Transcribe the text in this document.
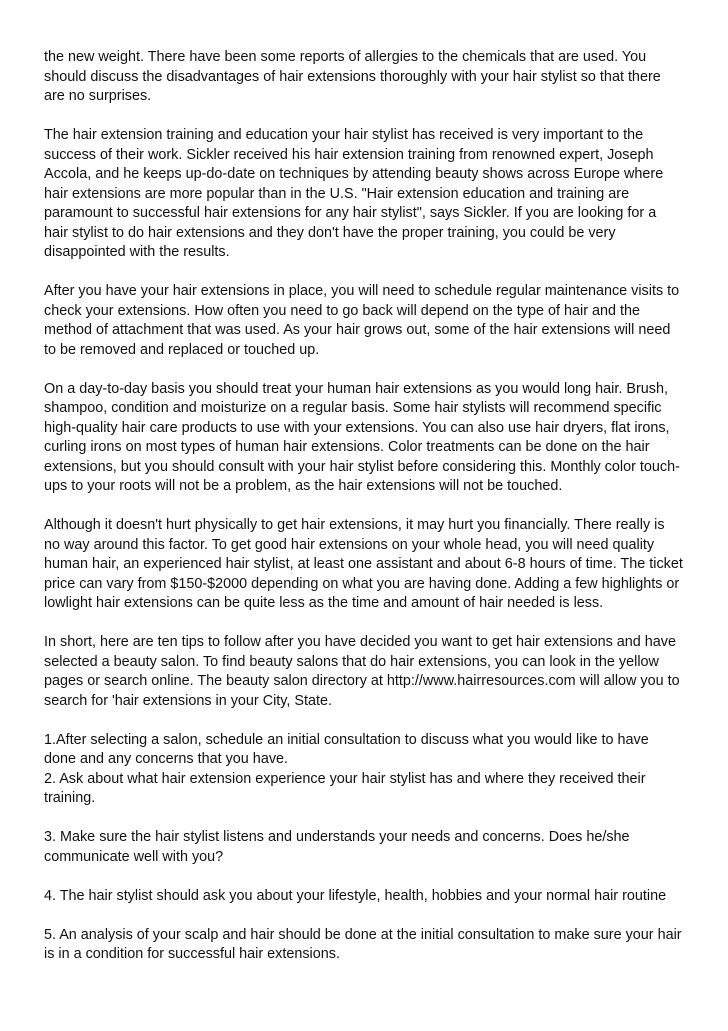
the new weight. There have been some reports of allergies to the chemicals that are used. You should discuss the disadvantages of hair extensions thoroughly with your hair stylist so that there are no surprises.

The hair extension training and education your hair stylist has received is very important to the success of their work. Sickler received his hair extension training from renowned expert, Joseph Accola, and he keeps up-do-date on techniques by attending beauty shows across Europe where hair extensions are more popular than in the U.S. "Hair extension education and training are paramount to successful hair extensions for any hair stylist", says Sickler. If you are looking for a hair stylist to do hair extensions and they don't have the proper training, you could be very disappointed with the results.

After you have your hair extensions in place, you will need to schedule regular maintenance visits to check your extensions. How often you need to go back will depend on the type of hair and the method of attachment that was used. As your hair grows out, some of the hair extensions will need to be removed and replaced or touched up.

On a day-to-day basis you should treat your human hair extensions as you would long hair. Brush, shampoo, condition and moisturize on a regular basis. Some hair stylists will recommend specific high-quality hair care products to use with your extensions. You can also use hair dryers, flat irons, curling irons on most types of human hair extensions. Color treatments can be done on the hair extensions, but you should consult with your hair stylist before considering this. Monthly color touch-ups to your roots will not be a problem, as the hair extensions will not be touched.

Although it doesn't hurt physically to get hair extensions, it may hurt you financially. There really is no way around this factor. To get good hair extensions on your whole head, you will need quality human hair, an experienced hair stylist, at least one assistant and about 6-8 hours of time. The ticket price can vary from $150-$2000 depending on what you are having done. Adding a few highlights or lowlight hair extensions can be quite less as the time and amount of hair needed is less.

In short, here are ten tips to follow after you have decided you want to get hair extensions and have selected a beauty salon. To find beauty salons that do hair extensions, you can look in the yellow pages or search online. The beauty salon directory at http://www.hairresources.com will allow you to search for 'hair extensions in your City, State.

1.After selecting a salon, schedule an initial consultation to discuss what you would like to have done and any concerns that you have.

2. Ask about what hair extension experience your hair stylist has and where they received their training.

3. Make sure the hair stylist listens and understands your needs and concerns. Does he/she communicate well with you?

4. The hair stylist should ask you about your lifestyle, health, hobbies and your normal hair routine

5. An analysis of your scalp and hair should be done at the initial consultation to make sure your hair is in a condition for successful hair extensions.
